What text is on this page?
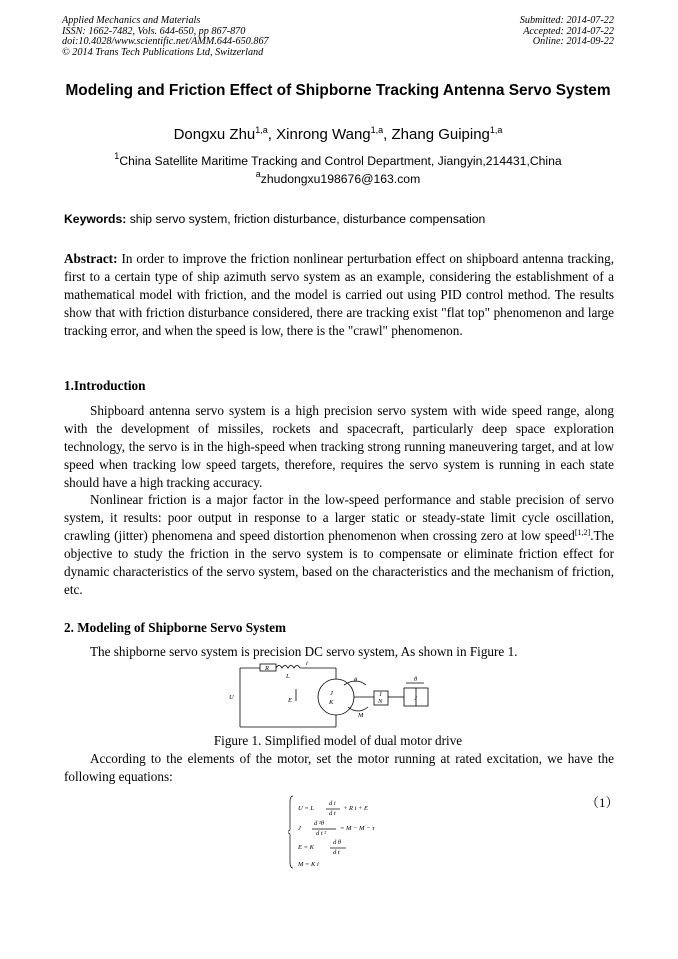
Applied Mechanics and Materials
ISSN: 1662-7482, Vols. 644-650, pp 867-870
doi:10.4028/www.scientific.net/AMM.644-650.867
© 2014 Trans Tech Publications Ltd, Switzerland
Submitted: 2014-07-22
Accepted: 2014-07-22
Online: 2014-09-22
Modeling and Friction Effect of Shipborne Tracking Antenna Servo System
Dongxu Zhu$^{1,a}$, Xinrong Wang$^{1,a}$, Zhang Guiping$^{1,a}$
$^1$China Satellite Maritime Tracking and Control Department, Jiangyin,214431,China
$^a$zhudongxu198676@163.com
Keywords: ship servo system, friction disturbance, disturbance compensation
Abstract: In order to improve the friction nonlinear perturbation effect on shipboard antenna tracking, first to a certain type of ship azimuth servo system as an example, considering the establishment of a mathematical model with friction, and the model is carried out using PID control method. The results show that with friction disturbance considered, there are tracking exist "flat top" phenomenon and large tracking error, and when the speed is low, there is the "crawl" phenomenon.
1.Introduction
Shipboard antenna servo system is a high precision servo system with wide speed range, along with the development of missiles, rockets and spacecraft, particularly deep space exploration technology, the servo is in the high-speed when tracking strong running maneuvering target, and at low speed when tracking low speed targets, therefore, requires the servo system is running in each state should have a high tracking accuracy.
Nonlinear friction is a major factor in the low-speed performance and stable precision of servo system, it results: poor output in response to a larger static or steady-state limit cycle oscillation, crawling (jitter) phenomena and speed distortion phenomenon when crossing zero at low speed[1,2].The objective to study the friction in the servo system is to compensate or eliminate friction effect for dynamic characteristics of the servo system, based on the characteristics and the mechanism of friction, etc.
2. Modeling of Shipborne Servo System
The shipborne servo system is precision DC servo system, As shown in Figure 1.
U
R
L
i
E
J
K
θ
M
1
N	J
θ
Figure 1. Simplified model of dual motor drive
According to the elements of the motor, set the motor running at rated excitation, we have the following equations:
（1）
U = L
d i
d t
+ R i + E
J
d ²θ
d t ²
= M − M − τ
E = K
d θ
d t
M = K i
